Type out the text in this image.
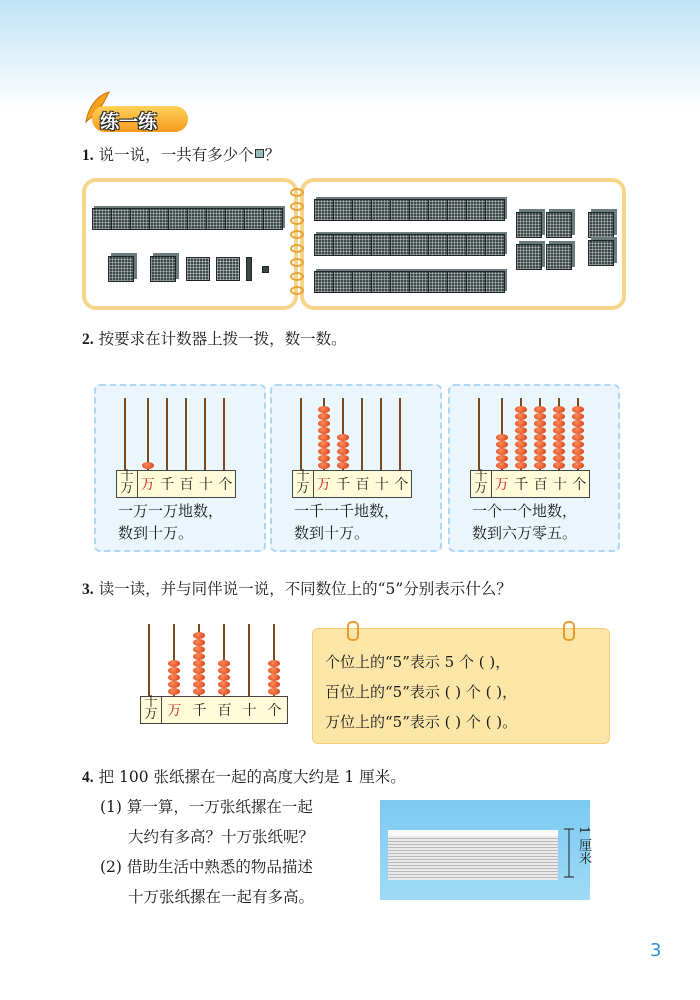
练一练
1. 说一说，一共有多少个 ？
2. 按要求在计数器上拨一拨，数一数。
十
万 万 千 百 十 个
一万一万地数，
数到十万。
十
万 万 千 百 十 个
一千一千地数，
数到十万。
十
万 万 千 百 十 个
一个一个地数，
数到六万零五。
3. 读一读，并与同伴说一说，不同数位上的“5”分别表示什么？
十
万 万 千 百 十 个
个位上的“5”表示 5 个 ( )，
百位上的“5”表示 ( ) 个 ( )，
万位上的“5”表示 ( ) 个 ( )。
4. 把 100 张纸摞在一起的高度大约是 1 厘米。
(1) 算一算，一万张纸摞在一起
大约有多高？十万张纸呢？
(2) 借助生活中熟悉的物品描述
十万张纸摞在一起有多高。
1 厘米
3
